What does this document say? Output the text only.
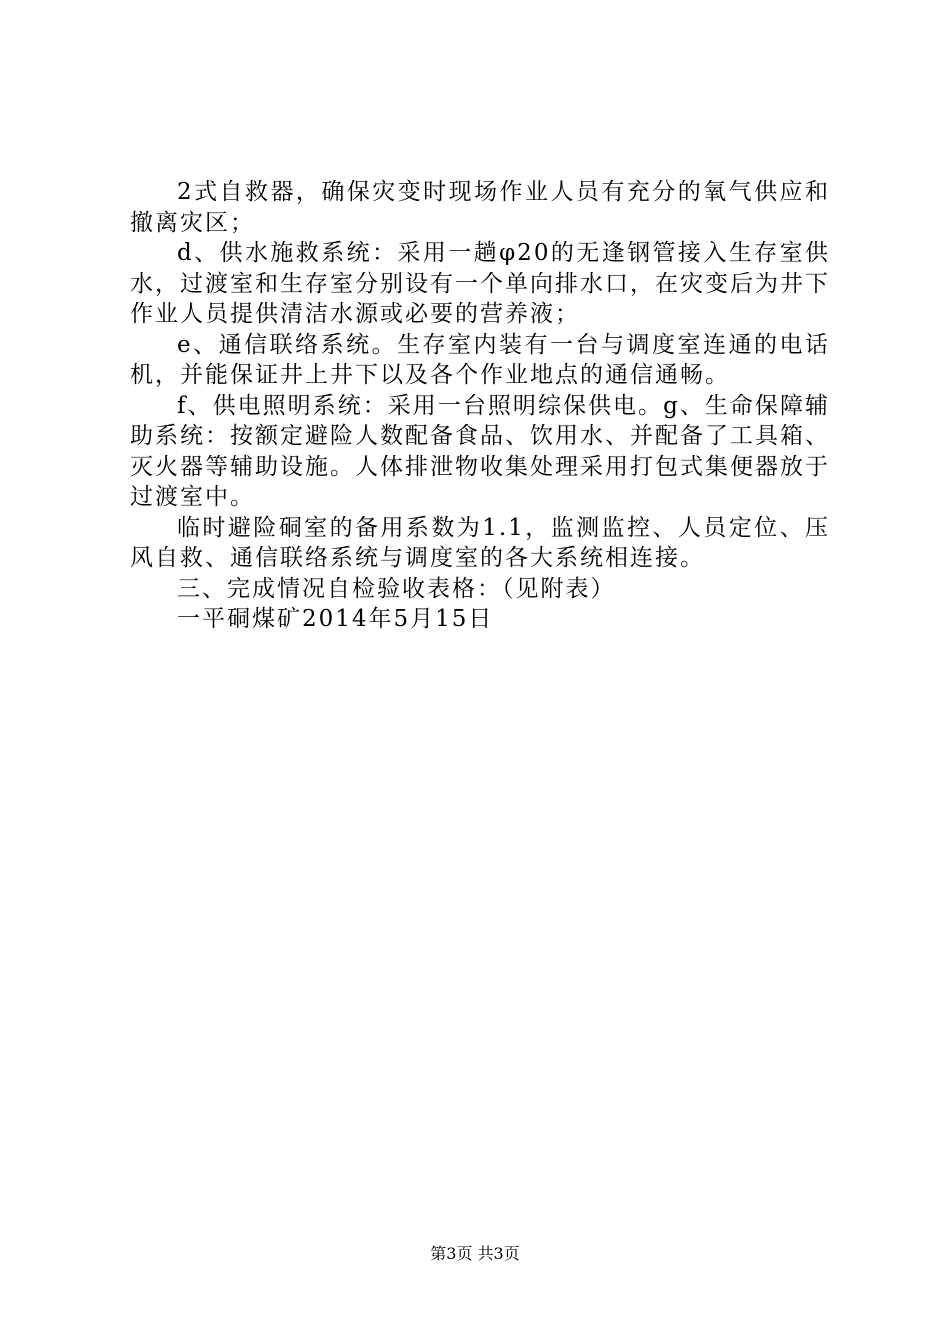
2式自救器，确保灾变时现场作业人员有充分的氧气供应和撤离灾区；

d、供水施救系统：采用一趟φ20的无逢钢管接入生存室供水，过渡室和生存室分别设有一个单向排水口，在灾变后为井下作业人员提供清洁水源或必要的营养液；

e、通信联络系统。生存室内装有一台与调度室连通的电话机，并能保证井上井下以及各个作业地点的通信通畅。

f、供电照明系统：采用一台照明综保供电。g、生命保障辅助系统：按额定避险人数配备食品、饮用水、并配备了工具箱、灭火器等辅助设施。人体排泄物收集处理采用打包式集便器放于过渡室中。

临时避险硐室的备用系数为1.1，监测监控、人员定位、压风自救、通信联络系统与调度室的各大系统相连接。

三、完成情况自检验收表格：（见附表）

一平硐煤矿2014年5月15日

第3页 共3页
